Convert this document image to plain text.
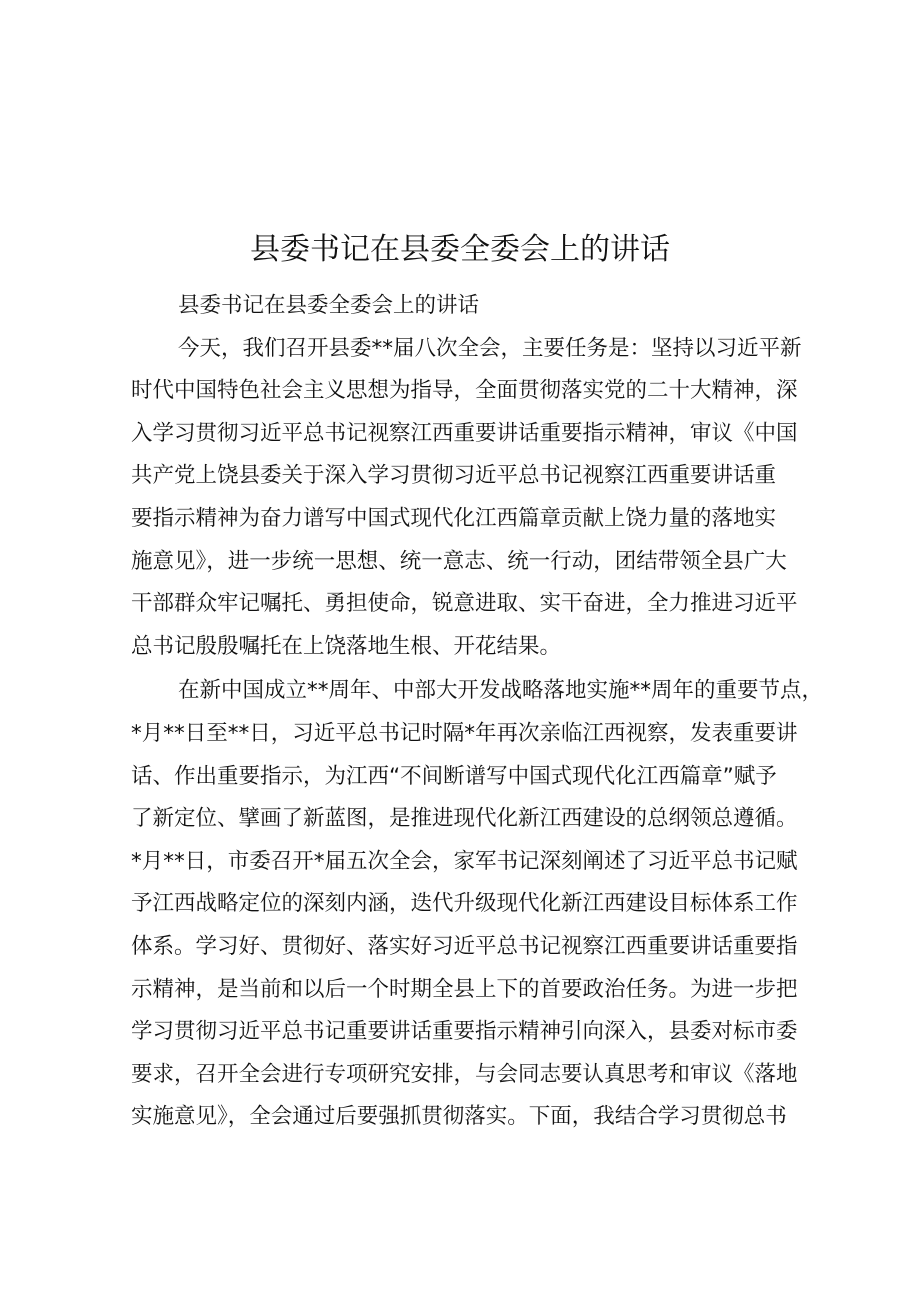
县委书记在县委全委会上的讲话
县委书记在县委全委会上的讲话
今天，我们召开县委**届八次全会，主要任务是：坚持以习近平新
时代中国特色社会主义思想为指导，全面贯彻落实党的二十大精神，深
入学习贯彻习近平总书记视察江西重要讲话重要指示精神，审议《中国
共产党上饶县委关于深入学习贯彻习近平总书记视察江西重要讲话重
要指示精神为奋力谱写中国式现代化江西篇章贡献上饶力量的落地实
施意见》，进一步统一思想、统一意志、统一行动，团结带领全县广大
干部群众牢记嘱托、勇担使命，锐意进取、实干奋进，全力推进习近平
总书记殷殷嘱托在上饶落地生根、开花结果。
在新中国成立**周年、中部大开发战略落地实施**周年的重要节点，
*月**日至**日，习近平总书记时隔*年再次亲临江西视察，发表重要讲
话、作出重要指示，为江西“不间断谱写中国式现代化江西篇章”赋予
了新定位、擘画了新蓝图，是推进现代化新江西建设的总纲领总遵循。
*月**日，市委召开*届五次全会，家军书记深刻阐述了习近平总书记赋
予江西战略定位的深刻内涵，迭代升级现代化新江西建设目标体系工作
体系。学习好、贯彻好、落实好习近平总书记视察江西重要讲话重要指
示精神，是当前和以后一个时期全县上下的首要政治任务。为进一步把
学习贯彻习近平总书记重要讲话重要指示精神引向深入，县委对标市委
要求，召开全会进行专项研究安排，与会同志要认真思考和审议《落地
实施意见》，全会通过后要强抓贯彻落实。下面，我结合学习贯彻总书
